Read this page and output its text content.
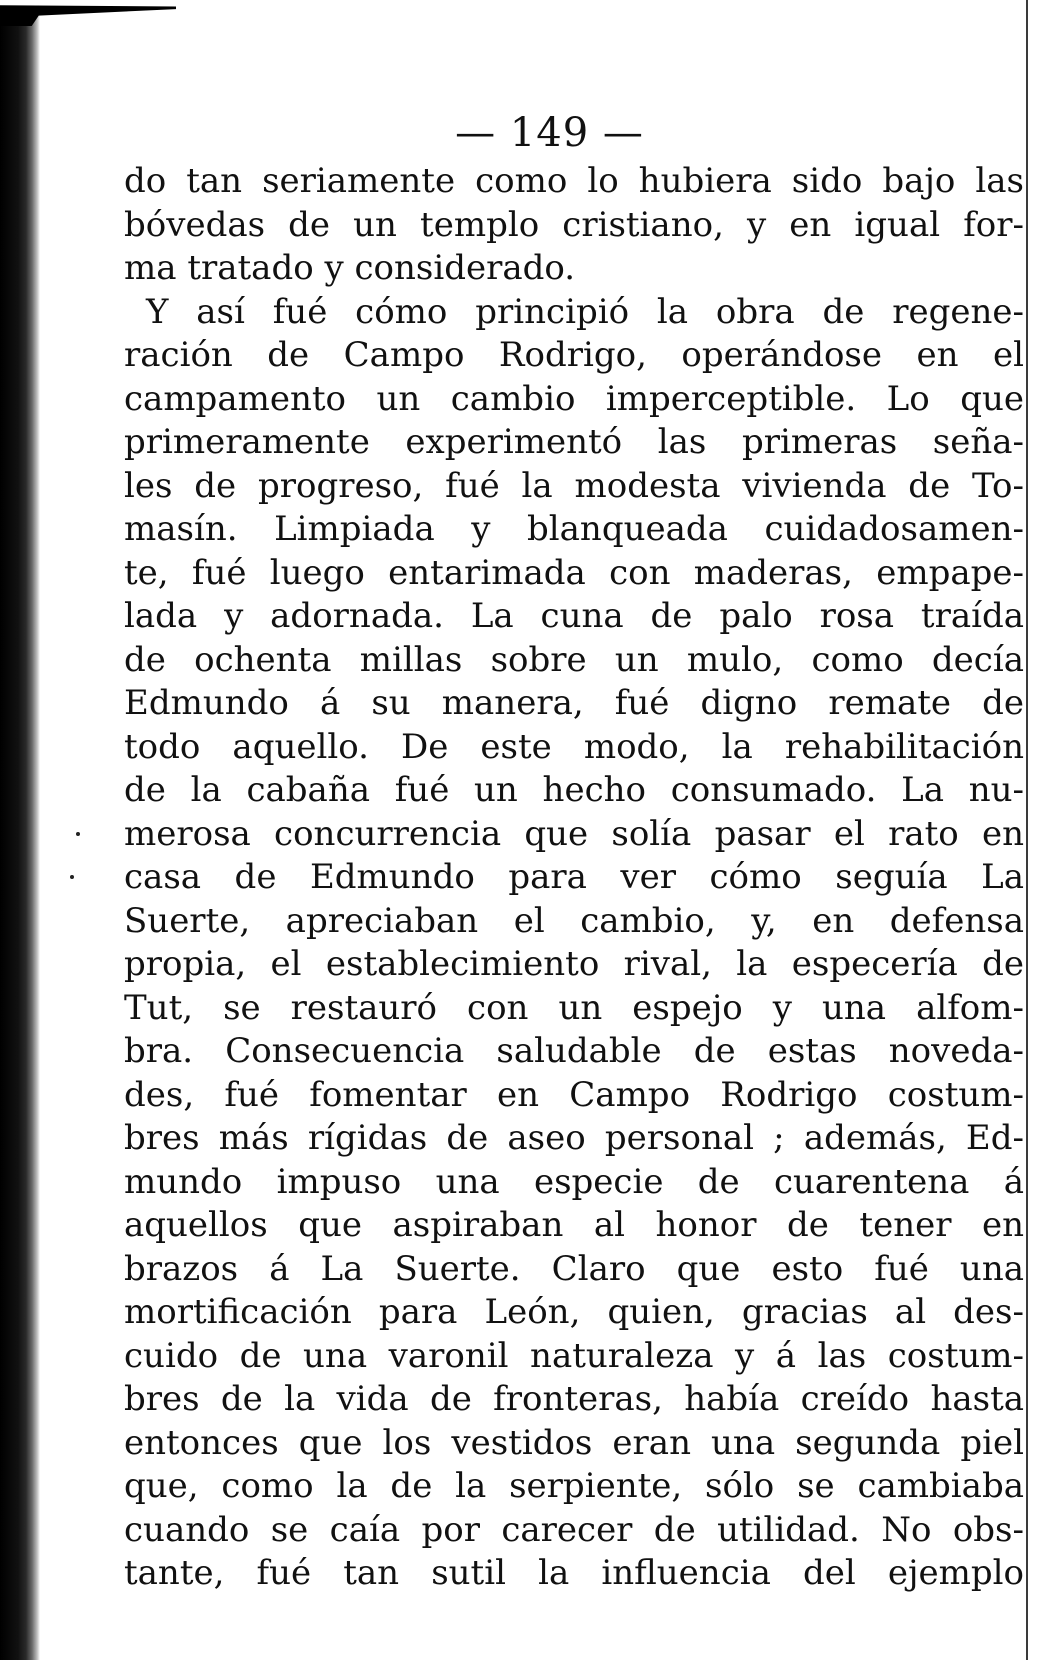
— 149 —
do tan seriamente como lo hubiera sido bajo las
bóvedas de un templo cristiano, y en igual for-
ma tratado y considerado.
Y así fué cómo principió la obra de regene-
ración de Campo Rodrigo, operándose en el
campamento un cambio imperceptible. Lo que
primeramente experimentó las primeras seña-
les de progreso, fué la modesta vivienda de To-
masín. Limpiada y blanqueada cuidadosamen-
te, fué luego entarimada con maderas, empape-
lada y adornada. La cuna de palo rosa traída
de ochenta millas sobre un mulo, como decía
Edmundo á su manera, fué digno remate de
todo aquello. De este modo, la rehabilitación
de la cabaña fué un hecho consumado. La nu-
merosa concurrencia que solía pasar el rato en
casa de Edmundo para ver cómo seguía La
Suerte, apreciaban el cambio, y, en defensa
propia, el establecimiento rival, la especería de
Tut, se restauró con un espejo y una alfom-
bra. Consecuencia saludable de estas noveda-
des, fué fomentar en Campo Rodrigo costum-
bres más rígidas de aseo personal ; además, Ed-
mundo impuso una especie de cuarentena á
aquellos que aspiraban al honor de tener en
brazos á La Suerte. Claro que esto fué una
mortificación para León, quien, gracias al des-
cuido de una varonil naturaleza y á las costum-
bres de la vida de fronteras, había creído hasta
entonces que los vestidos eran una segunda piel
que, como la de la serpiente, sólo se cambiaba
cuando se caía por carecer de utilidad. No obs-
tante, fué tan sutil la influencia del ejemplo
